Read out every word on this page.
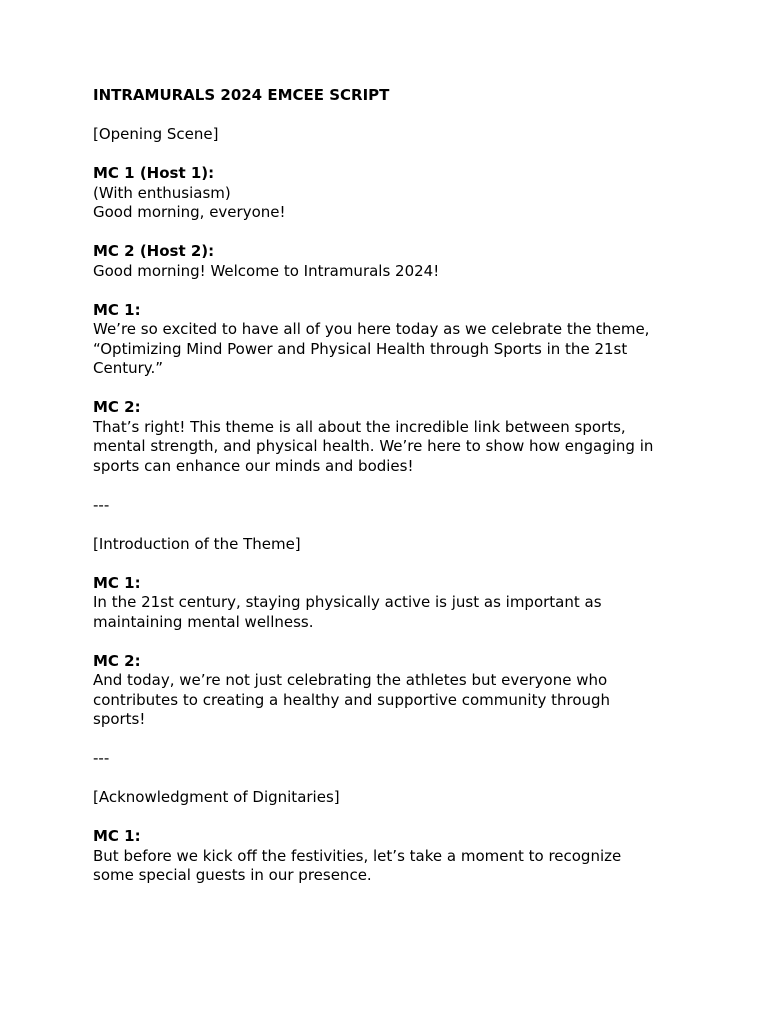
INTRAMURALS 2024 EMCEE SCRIPT
[Opening Scene]
MC 1 (Host 1):
(With enthusiasm)
Good morning, everyone!
MC 2 (Host 2):
Good morning! Welcome to Intramurals 2024!
MC 1:
We’re so excited to have all of you here today as we celebrate the theme,
“Optimizing Mind Power and Physical Health through Sports in the 21st
Century.”
MC 2:
That’s right! This theme is all about the incredible link between sports,
mental strength, and physical health. We’re here to show how engaging in
sports can enhance our minds and bodies!
---
[Introduction of the Theme]
MC 1:
In the 21st century, staying physically active is just as important as
maintaining mental wellness.
MC 2:
And today, we’re not just celebrating the athletes but everyone who
contributes to creating a healthy and supportive community through
sports!
---
[Acknowledgment of Dignitaries]
MC 1:
But before we kick off the festivities, let’s take a moment to recognize
some special guests in our presence.
